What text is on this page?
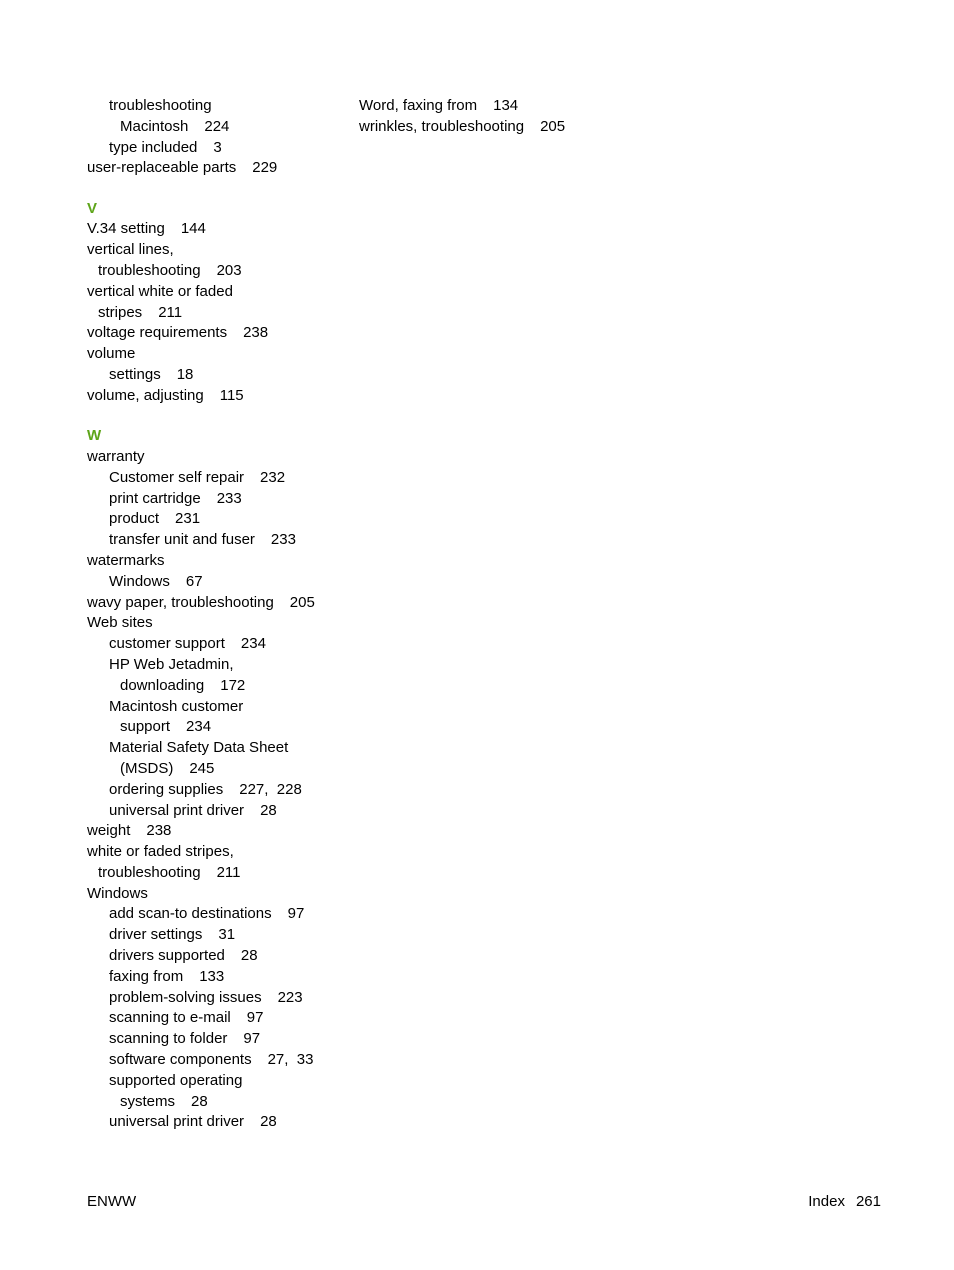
troubleshooting
Macintosh 224
type included 3
user-replaceable parts 229
V
V.34 setting 144
vertical lines,
troubleshooting 203
vertical white or faded
stripes 211
voltage requirements 238
volume
settings 18
volume, adjusting 115
W
warranty
Customer self repair 232
print cartridge 233
product 231
transfer unit and fuser 233
watermarks
Windows 67
wavy paper, troubleshooting 205
Web sites
customer support 234
HP Web Jetadmin,
downloading 172
Macintosh customer
support 234
Material Safety Data Sheet
(MSDS) 245
ordering supplies 227,  228
universal print driver 28
weight 238
white or faded stripes,
troubleshooting 211
Windows
add scan-to destinations 97
driver settings 31
drivers supported 28
faxing from 133
problem-solving issues 223
scanning to e-mail 97
scanning to folder 97
software components 27,  33
supported operating
systems 28
universal print driver 28
Word, faxing from 134
wrinkles, troubleshooting 205
ENWW	Index 261
